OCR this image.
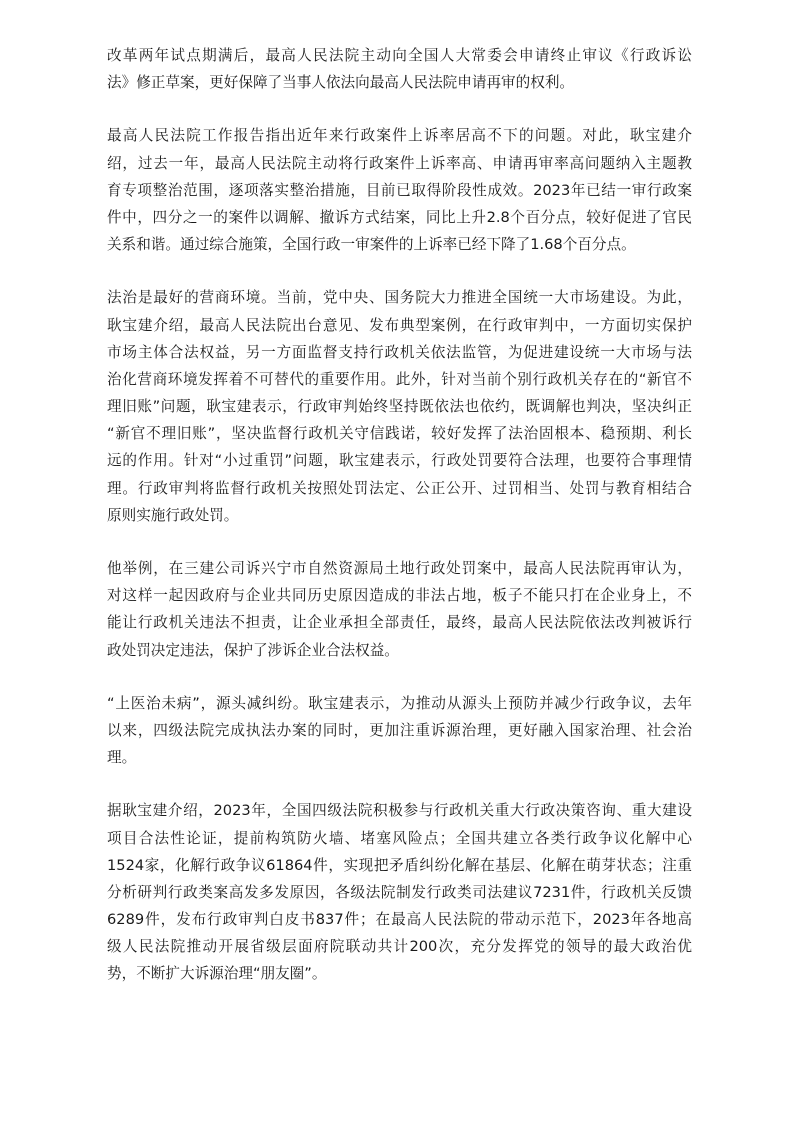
改革两年试点期满后，最高人民法院主动向全国人大常委会申请终止审议《行政诉讼
法》修正草案，更好保障了当事人依法向最高人民法院申请再审的权利。

最高人民法院工作报告指出近年来行政案件上诉率居高不下的问题。对此，耿宝建介
绍，过去一年，最高人民法院主动将行政案件上诉率高、申请再审率高问题纳入主题教
育专项整治范围，逐项落实整治措施，目前已取得阶段性成效。2023年已结一审行政案
件中，四分之一的案件以调解、撤诉方式结案，同比上升2.8个百分点，较好促进了官民
关系和谐。通过综合施策，全国行政一审案件的上诉率已经下降了1.68个百分点。

法治是最好的营商环境。当前，党中央、国务院大力推进全国统一大市场建设。为此，
耿宝建介绍，最高人民法院出台意见、发布典型案例，在行政审判中，一方面切实保护
市场主体合法权益，另一方面监督支持行政机关依法监管，为促进建设统一大市场与法
治化营商环境发挥着不可替代的重要作用。此外，针对当前个别行政机关存在的“新官不
理旧账”问题，耿宝建表示，行政审判始终坚持既依法也依约，既调解也判决，坚决纠正
“新官不理旧账”，坚决监督行政机关守信践诺，较好发挥了法治固根本、稳预期、利长
远的作用。针对“小过重罚”问题，耿宝建表示，行政处罚要符合法理，也要符合事理情
理。行政审判将监督行政机关按照处罚法定、公正公开、过罚相当、处罚与教育相结合
原则实施行政处罚。

他举例，在三建公司诉兴宁市自然资源局土地行政处罚案中，最高人民法院再审认为，
对这样一起因政府与企业共同历史原因造成的非法占地，板子不能只打在企业身上，不
能让行政机关违法不担责，让企业承担全部责任，最终，最高人民法院依法改判被诉行
政处罚决定违法，保护了涉诉企业合法权益。

“上医治未病”，源头减纠纷。耿宝建表示，为推动从源头上预防并减少行政争议，去年
以来，四级法院完成执法办案的同时，更加注重诉源治理，更好融入国家治理、社会治
理。

据耿宝建介绍，2023年，全国四级法院积极参与行政机关重大行政决策咨询、重大建设
项目合法性论证，提前构筑防火墙、堵塞风险点；全国共建立各类行政争议化解中心
1524家，化解行政争议61864件，实现把矛盾纠纷化解在基层、化解在萌芽状态；注重
分析研判行政类案高发多发原因，各级法院制发行政类司法建议7231件，行政机关反馈
6289件，发布行政审判白皮书837件；在最高人民法院的带动示范下，2023年各地高
级人民法院推动开展省级层面府院联动共计200次，充分发挥党的领导的最大政治优
势，不断扩大诉源治理“朋友圈”。
